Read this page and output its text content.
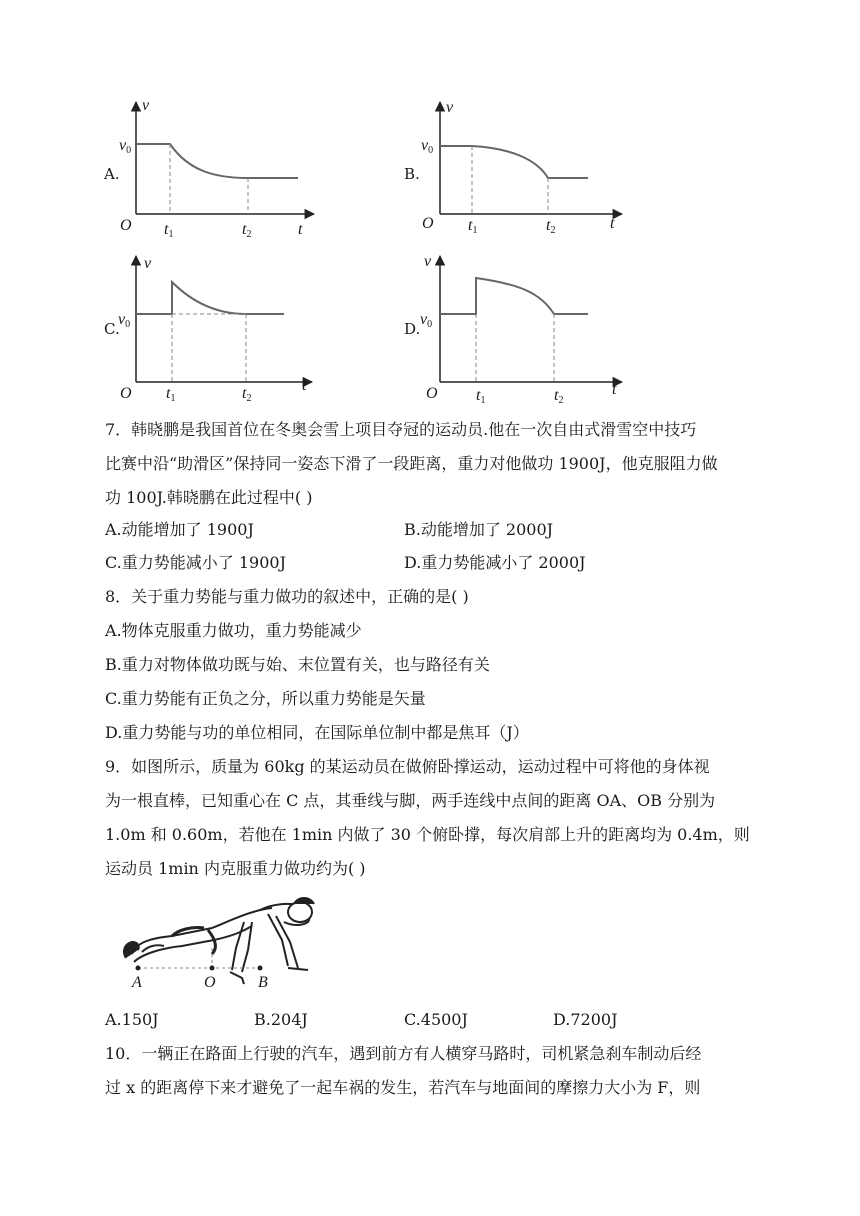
A.	B.
C.	D.
v
v0
O t1	t2	t
v
v0
O t1	t2	t
v
v0
O t1	t2
t
v
v0
O t1	t2
t
7．韩晓鹏是我国首位在冬奥会雪上项目夺冠的运动员.他在一次自由式滑雪空中技巧
比赛中沿“助滑区”保持同一姿态下滑了一段距离，重力对他做功 1900J，他克服阻力做
功 100J.韩晓鹏在此过程中( )
A.动能增加了 1900J	B.动能增加了 2000J
C.重力势能减小了 1900J	D.重力势能减小了 2000J
8．关于重力势能与重力做功的叙述中，正确的是( )
A.物体克服重力做功，重力势能减少
B.重力对物体做功既与始、末位置有关，也与路径有关
C.重力势能有正负之分，所以重力势能是矢量
D.重力势能与功的单位相同，在国际单位制中都是焦耳（J）
9．如图所示，质量为 60kg 的某运动员在做俯卧撑运动，运动过程中可将他的身体视
为一根直棒，已知重心在 C 点，其垂线与脚，两手连线中点间的距离 OA、OB 分别为
1.0m 和 0.60m，若他在 1min 内做了 30 个俯卧撑，每次肩部上升的距离均为 0.4m，则
运动员 1min 内克服重力做功约为( )
A	O	B
A.150J	B.204J	C.4500J	D.7200J
10．一辆正在路面上行驶的汽车，遇到前方有人横穿马路时，司机紧急刹车制动后经
过 x 的距离停下来才避免了一起车祸的发生，若汽车与地面间的摩擦力大小为 F，则
